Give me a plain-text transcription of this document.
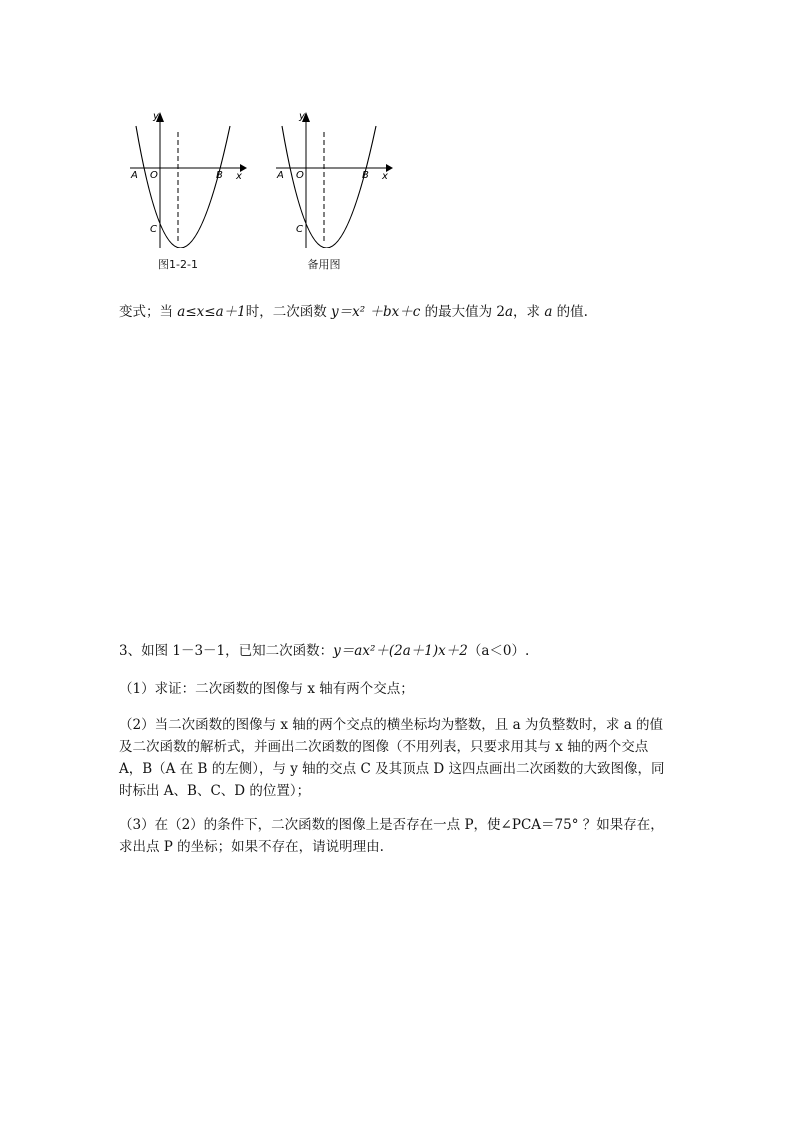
y
x
A O	B
C
图1-2-1
y
x
A O	B
C
备用图
变式；当 a≤x≤a＋1时，二次函数 y＝x² ＋bx＋c 的最大值为 2a，求 a 的值.
3、如图 1－3－1，已知二次函数：y＝ax²＋(2a＋1)x＋2（a＜0）.
（1）求证：二次函数的图像与 x 轴有两个交点；
（2）当二次函数的图像与 x 轴的两个交点的横坐标均为整数，且 a 为负整数时，求 a 的值
及二次函数的解析式，并画出二次函数的图像（不用列表，只要求用其与 x 轴的两个交点
A，B（A 在 B 的左侧），与 y 轴的交点 C 及其顶点 D 这四点画出二次函数的大致图像，同
时标出 A、B、C、D 的位置）；
（3）在（2）的条件下，二次函数的图像上是否存在一点 P，使∠PCA＝75° ？如果存在，
求出点 P 的坐标；如果不存在，请说明理由.
